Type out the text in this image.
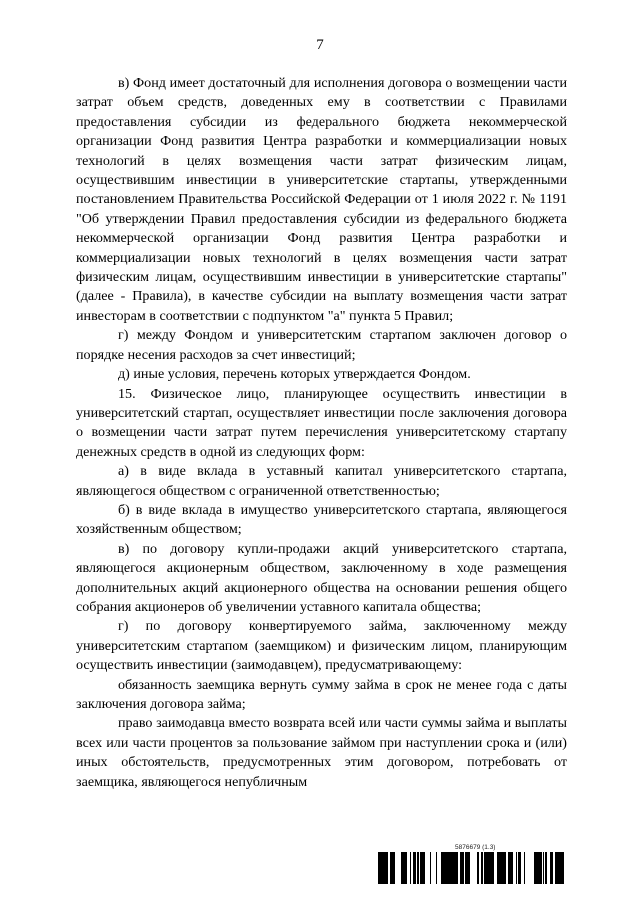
7

в) Фонд имеет достаточный для исполнения договора о возмещении части затрат объем средств, доведенных ему в соответствии с Правилами предоставления субсидии из федерального бюджета некоммерческой организации Фонд развития Центра разработки и коммерциализации новых технологий в целях возмещения части затрат физическим лицам, осуществившим инвестиции в университетские стартапы, утвержденными постановлением Правительства Российской Федерации от 1 июля 2022 г. № 1191 "Об утверждении Правил предоставления субсидии из федерального бюджета некоммерческой организации Фонд развития Центра разработки и коммерциализации новых технологий в целях возмещения части затрат физическим лицам, осуществившим инвестиции в университетские стартапы" (далее - Правила), в качестве субсидии на выплату возмещения части затрат инвесторам в соответствии с подпунктом "а" пункта 5 Правил;

г) между Фондом и университетским стартапом заключен договор о порядке несения расходов за счет инвестиций;

д) иные условия, перечень которых утверждается Фондом.

15. Физическое лицо, планирующее осуществить инвестиции в университетский стартап, осуществляет инвестиции после заключения договора о возмещении части затрат путем перечисления университетскому стартапу денежных средств в одной из следующих форм:

а) в виде вклада в уставный капитал университетского стартапа, являющегося обществом с ограниченной ответственностью;

б) в виде вклада в имущество университетского стартапа, являющегося хозяйственным обществом;

в) по договору купли-продажи акций университетского стартапа, являющегося акционерным обществом, заключенному в ходе размещения дополнительных акций акционерного общества на основании решения общего собрания акционеров об увеличении уставного капитала общества;

г) по договору конвертируемого займа, заключенному между университетским стартапом (заемщиком) и физическим лицом, планирующим осуществить инвестиции (заимодавцем), предусматривающему:

обязанность заемщика вернуть сумму займа в срок не менее года с даты заключения договора займа;

право заимодавца вместо возврата всей или части суммы займа и выплаты всех или части процентов за пользование займом при наступлении срока и (или) иных обстоятельств, предусмотренных этим договором, потребовать от заемщика, являющегося непубличным

5876679 (1.3)
